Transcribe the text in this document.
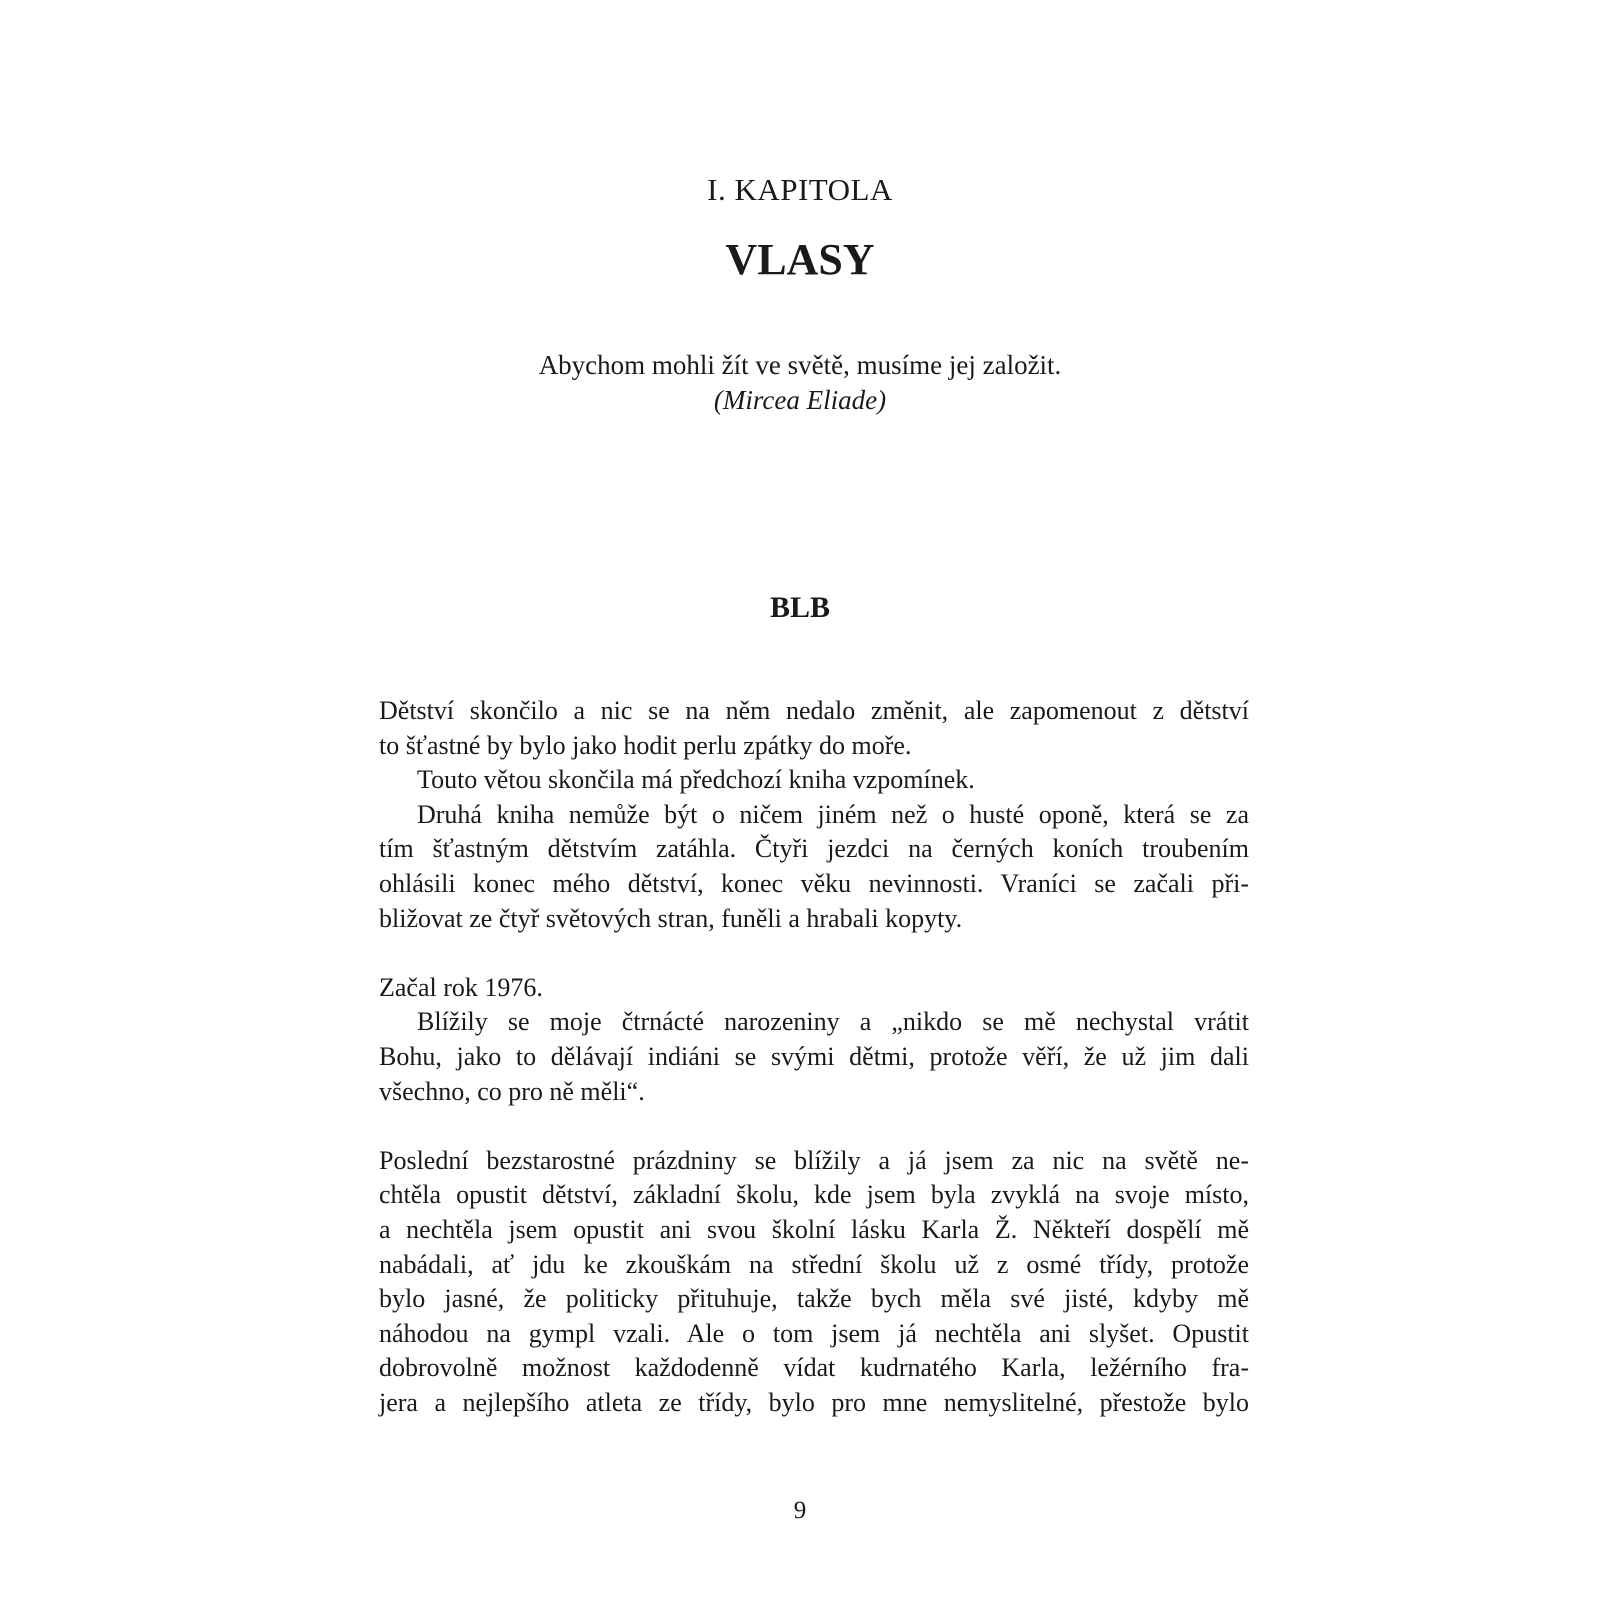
I. KAPITOLA
VLASY
Abychom mohli žít ve světě, musíme jej založit.
(Mircea Eliade)
BLB
Dětství skončilo a nic se na něm nedalo změnit, ale zapomenout z dětství
to šťastné by bylo jako hodit perlu zpátky do moře.
Touto větou skončila má předchozí kniha vzpomínek.
Druhá kniha nemůže být o ničem jiném než o husté oponě, která se za
tím šťastným dětstvím zatáhla. Čtyři jezdci na černých koních troubením
ohlásili konec mého dětství, konec věku nevinnosti. Vraníci se začali při-
bližovat ze čtyř světových stran, funěli a hrabali kopyty.
Začal rok 1976.
Blížily se moje čtrnácté narozeniny a „nikdo se mě nechystal vrátit
Bohu, jako to dělávají indiáni se svými dětmi, protože věří, že už jim dali
všechno, co pro ně měli“.
Poslední bezstarostné prázdniny se blížily a já jsem za nic na světě ne-
chtěla opustit dětství, základní školu, kde jsem byla zvyklá na svoje místo,
a nechtěla jsem opustit ani svou školní lásku Karla Ž. Někteří dospělí mě
nabádali, ať jdu ke zkouškám na střední školu už z osmé třídy, protože
bylo jasné, že politicky přituhuje, takže bych měla své jisté, kdyby mě
náhodou na gympl vzali. Ale o tom jsem já nechtěla ani slyšet. Opustit
dobrovolně možnost každodenně vídat kudrnatého Karla, ležérního fra-
jera a nejlepšího atleta ze třídy, bylo pro mne nemyslitelné, přestože bylo
9
